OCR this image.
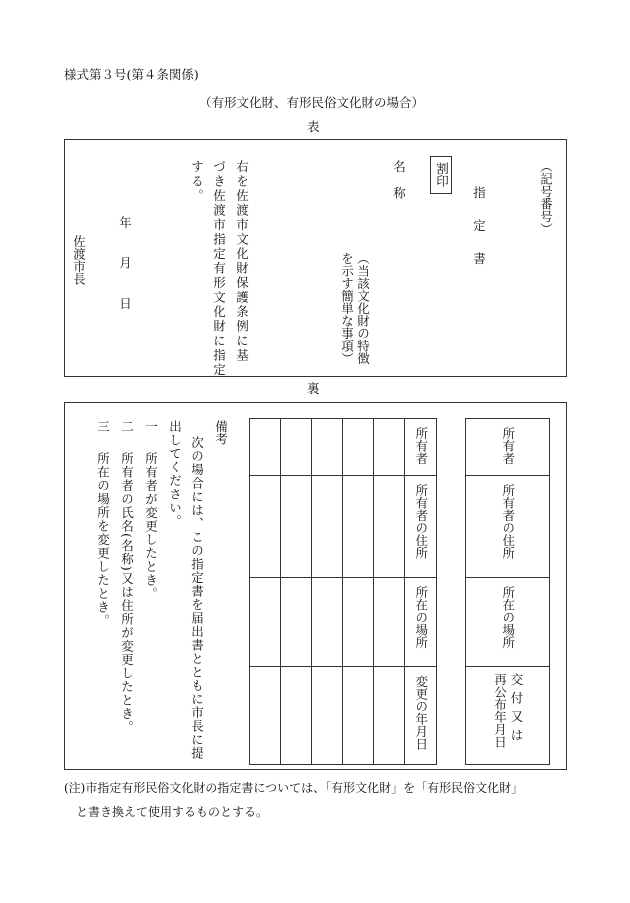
様式第３号(第４条関係)
（有形文化財、有形民俗文化財の場合）
表
（記号番号）
指　定　書
割印
名称
（当該文化財の特徴
を示す簡単な事項）
右を佐渡市文化財保護条例に基
づき佐渡市指定有形文化財に指定
する。
年　　月　　日
佐渡市長
裏
所有者

所有者の住所

所在の場所

交付又は
再公布年月日

					所有者

					所有者の住所

					所在の場所

					変更の年月日
備考
次の場合には、この指定書を届出書とともに市長に提
出してください。
一
所有者が変更したとき。
二
所有者の氏名(名称)又は住所が変更したとき。
三
所在の場所を変更したとき。
(注)市指定有形民俗文化財の指定書については、「有形文化財」を「有形民俗文化財」
と書き換えて使用するものとする。
